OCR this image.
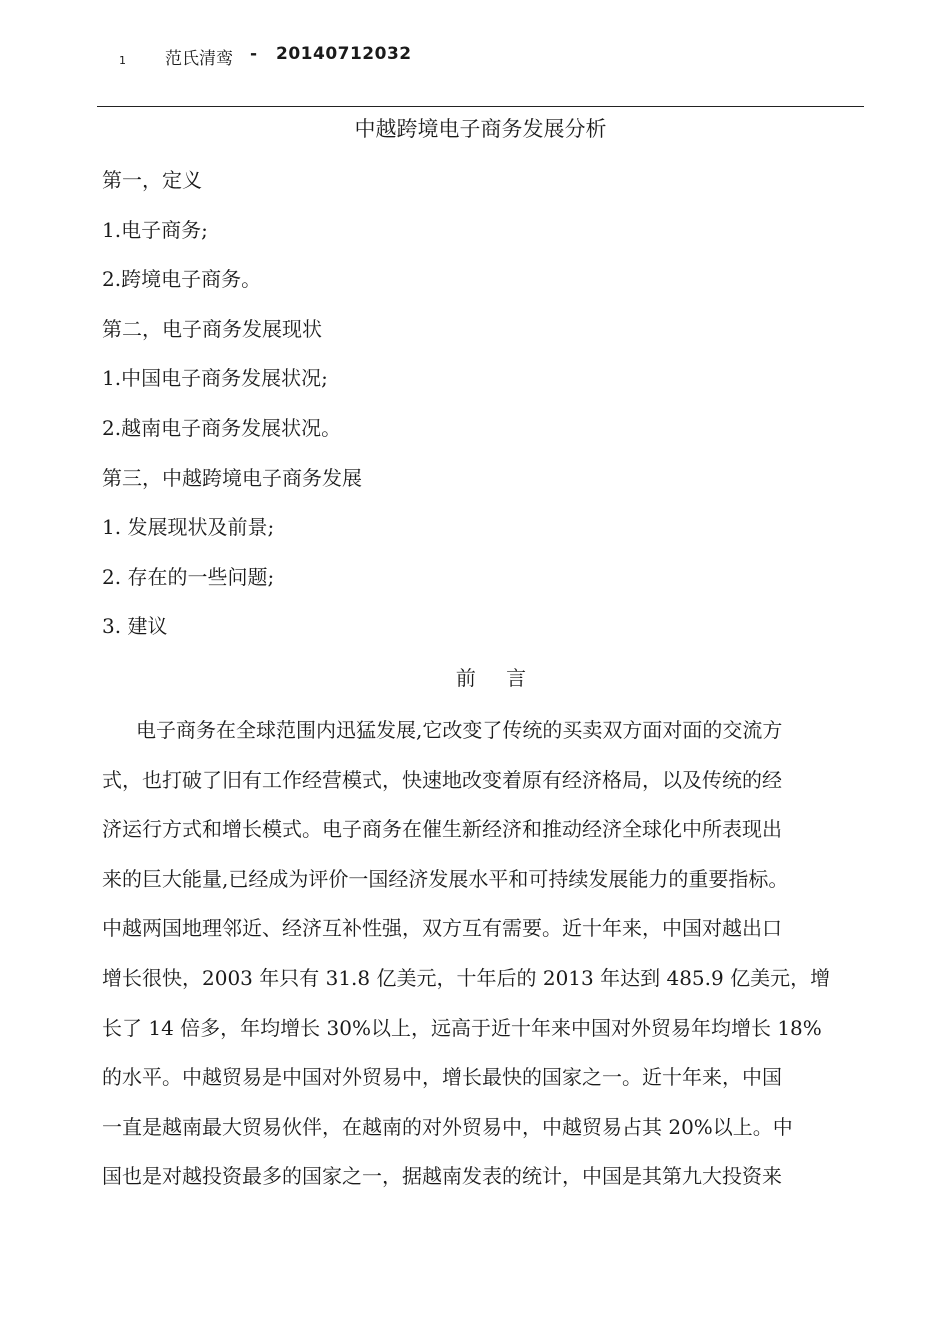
1 范氏清鸾 - 20140712032
中越跨境电子商务发展分析
第一，定义
1.电子商务;
2.跨境电子商务。
第二，电子商务发展现状
1.中国电子商务发展状况;
2.越南电子商务发展状况。
第三，中越跨境电子商务发展
1. 发展现状及前景;
2. 存在的一些问题;
3. 建议
前 言
电子商务在全球范围内迅猛发展,它改变了传统的买卖双方面对面的交流方
式，也打破了旧有工作经营模式，快速地改变着原有经济格局，以及传统的经
济运行方式和增长模式。电子商务在催生新经济和推动经济全球化中所表现出
来的巨大能量,已经成为评价一国经济发展水平和可持续发展能力的重要指标。
中越两国地理邻近、经济互补性强，双方互有需要。近十年来，中国对越出口
增长很快，2003 年只有 31.8 亿美元，十年后的 2013 年达到 485.9 亿美元，增
长了 14 倍多，年均增长 30%以上，远高于近十年来中国对外贸易年均增长 18%
的水平。中越贸易是中国对外贸易中，增长最快的国家之一。近十年来，中国
一直是越南最大贸易伙伴，在越南的对外贸易中，中越贸易占其 20%以上。中
国也是对越投资最多的国家之一，据越南发表的统计，中国是其第九大投资来
